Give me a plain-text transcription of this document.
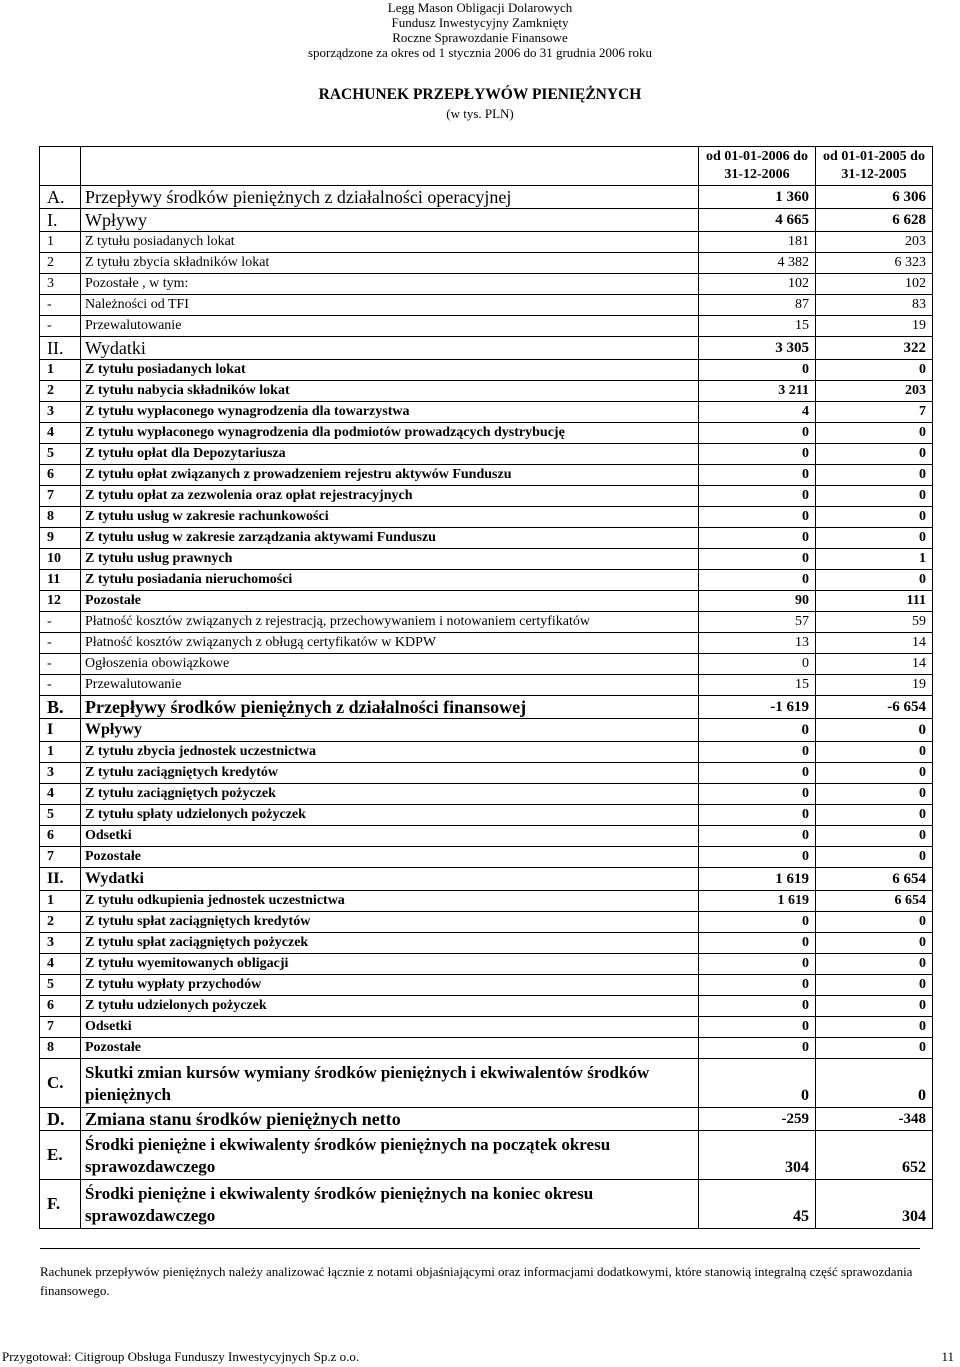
Legg Mason Obligacji Dolarowych
Fundusz Inwestycyjny Zamknięty
Roczne Sprawozdanie Finansowe
sporządzone za okres od 1 stycznia 2006 do 31 grudnia 2006 roku
RACHUNEK PRZEPŁYWÓW PIENIĘŻNYCH
(w tys. PLN)
		od 01-01-2006 do 31-12-2006	od 01-01-2005 do 31-12-2005
A.	Przepływy środków pieniężnych z działalności operacyjnej	1 360	6 306
I.	Wpływy	4 665	6 628
1	Z tytułu posiadanych lokat	181	203
2	Z tytułu zbycia składników lokat	4 382	6 323
3	Pozostałe , w tym:	102	102
-	Należności od TFI	87	83
-	Przewalutowanie	15	19
II.	Wydatki	3 305	322
1	Z tytułu posiadanych lokat	0	0
2	Z tytułu nabycia składników lokat	3 211	203
3	Z tytułu wypłaconego wynagrodzenia dla towarzystwa	4	7
4	Z tytułu wypłaconego wynagrodzenia dla podmiotów prowadzących dystrybucję	0	0
5	Z tytułu opłat dla Depozytariusza	0	0
6	Z tytułu opłat związanych z prowadzeniem rejestru aktywów Funduszu	0	0
7	Z tytułu opłat za zezwolenia oraz opłat rejestracyjnych	0	0
8	Z tytułu usług w zakresie rachunkowości	0	0
9	Z tytułu usług w zakresie zarządzania aktywami Funduszu	0	0
10	Z tytułu usług prawnych	0	1
11	Z tytułu posiadania nieruchomości	0	0
12	Pozostałe	90	111
-	Płatność kosztów związanych z rejestracją, przechowywaniem i notowaniem certyfikatów	57	59
-	Płatność kosztów związanych z obługą certyfikatów w KDPW	13	14
-	Ogłoszenia obowiązkowe	0	14
-	Przewalutowanie	15	19
B.	Przepływy środków pieniężnych z działalności finansowej	-1 619	-6 654
I	Wpływy	0	0
1	Z tytułu zbycia jednostek uczestnictwa	0	0
3	Z tytułu zaciągniętych kredytów	0	0
4	Z tytułu zaciągniętych pożyczek	0	0
5	Z tytułu spłaty udzielonych pożyczek	0	0
6	Odsetki	0	0
7	Pozostałe	0	0
II.	Wydatki	1 619	6 654
1	Z tytułu odkupienia jednostek uczestnictwa	1 619	6 654
2	Z tytułu spłat zaciągniętych kredytów	0	0
3	Z tytułu spłat zaciągniętych pożyczek	0	0
4	Z tytułu wyemitowanych obligacji	0	0
5	Z tytułu wypłaty przychodów	0	0
6	Z tytułu udzielonych pożyczek	0	0
7	Odsetki	0	0
8	Pozostałe	0	0
C.	Skutki zmian kursów wymiany środków pieniężnych i ekwiwalentów środków pieniężnych	0	0
D.	Zmiana stanu środków pieniężnych netto	-259	-348
E.	Środki pieniężne i ekwiwalenty środków pieniężnych na początek okresu sprawozdawczego	304	652
F.	Środki pieniężne i ekwiwalenty środków pieniężnych na koniec okresu sprawozdawczego	45	304
Rachunek przepływów pieniężnych należy analizować łącznie z notami objaśniającymi oraz informacjami dodatkowymi, które stanowią integralną część sprawozdania finansowego.
Przygotował: Citigroup Obsługa Funduszy Inwestycyjnych Sp.z o.o.	11
